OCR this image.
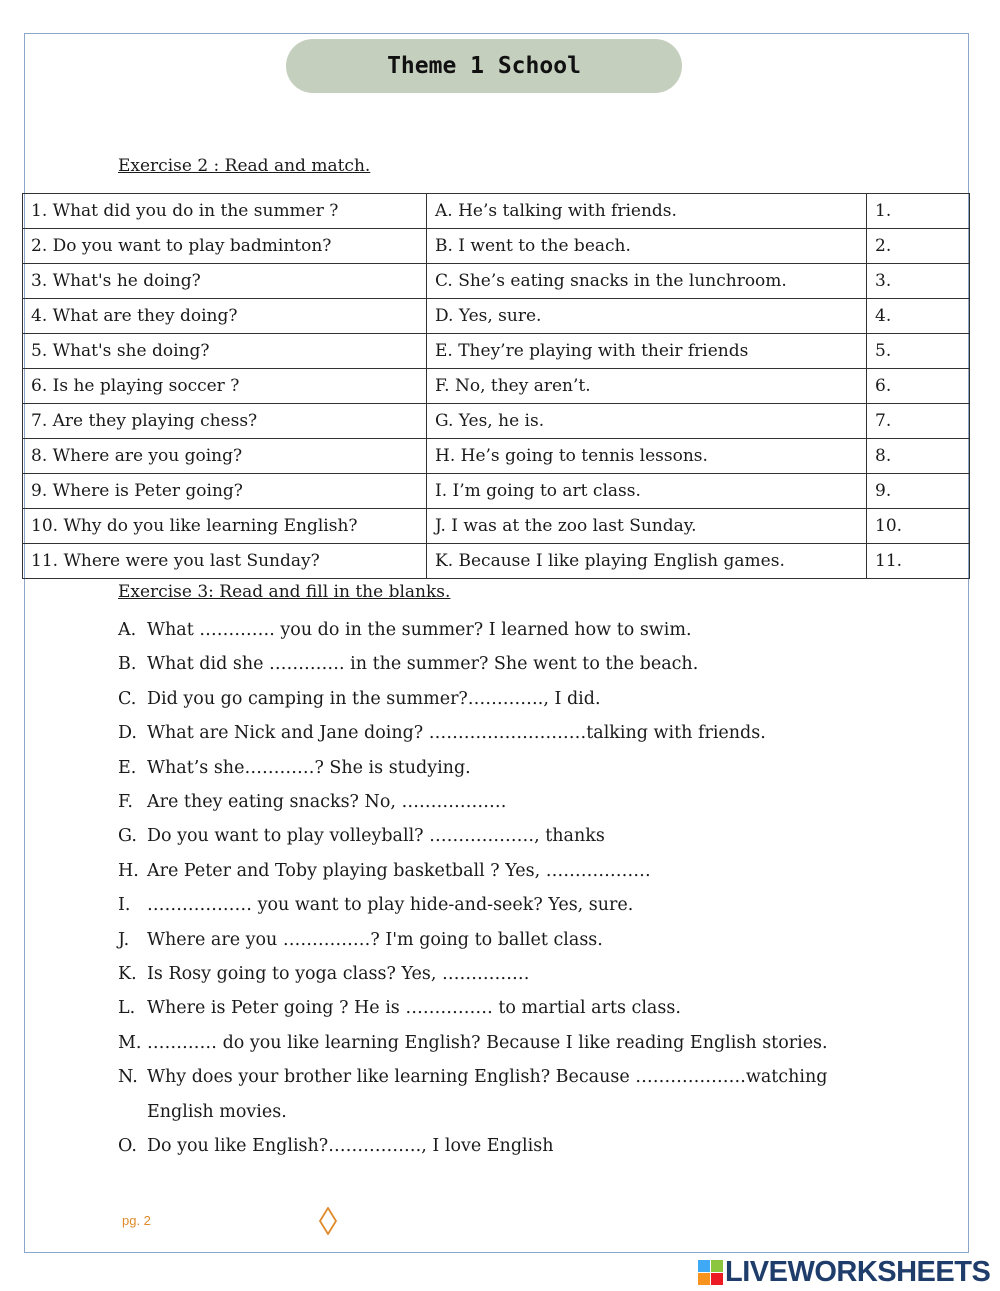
Theme 1 School
Exercise 2 : Read and match.
1. What did you do in the summer ?	A. He’s talking with friends.	1.
2. Do you want to play badminton?	B. I went to the beach.	2.
3. What's he doing?	C. She’s eating snacks in the lunchroom.	3.
4. What are they doing?	D. Yes, sure.	4.
5. What's she doing?	E. They’re playing with their friends	5.
6. Is he playing soccer ?	F. No, they aren’t.	6.
7. Are they playing chess?	G. Yes, he is.	7.
8. Where are you going?	H. He’s going to tennis lessons.	8.
9. Where is Peter going?	I. I’m going to art class.	9.
10. Why do you like learning English?	J. I was at the zoo last Sunday.	10.
11. Where were you last Sunday?	K. Because I like playing English games.	11.
Exercise 3: Read and fill in the blanks.
A. What …………. you do in the summer? I learned how to swim.
B. What did she …………. in the summer? She went to the beach.
C. Did you go camping in the summer?…………., I did.
D. What are Nick and Jane doing? ………………………talking with friends.
E. What’s she…………? She is studying.
F. Are they eating snacks? No, ………………
G. Do you want to play volleyball? ………………, thanks
H. Are Peter and Toby playing basketball ? Yes, ………………
I. ……………… you want to play hide-and-seek? Yes, sure.
J. Where are you ……………? I'm going to ballet class.
K. Is Rosy going to yoga class? Yes, ……………
L. Where is Peter going ? He is …………… to martial arts class.
M. ………… do you like learning English? Because I like reading English stories.
N. Why does your brother like learning English? Because ……………….watching
English movies.
O. Do you like English?……………., I love English
pg. 2
LIVEWORKSHEETS
